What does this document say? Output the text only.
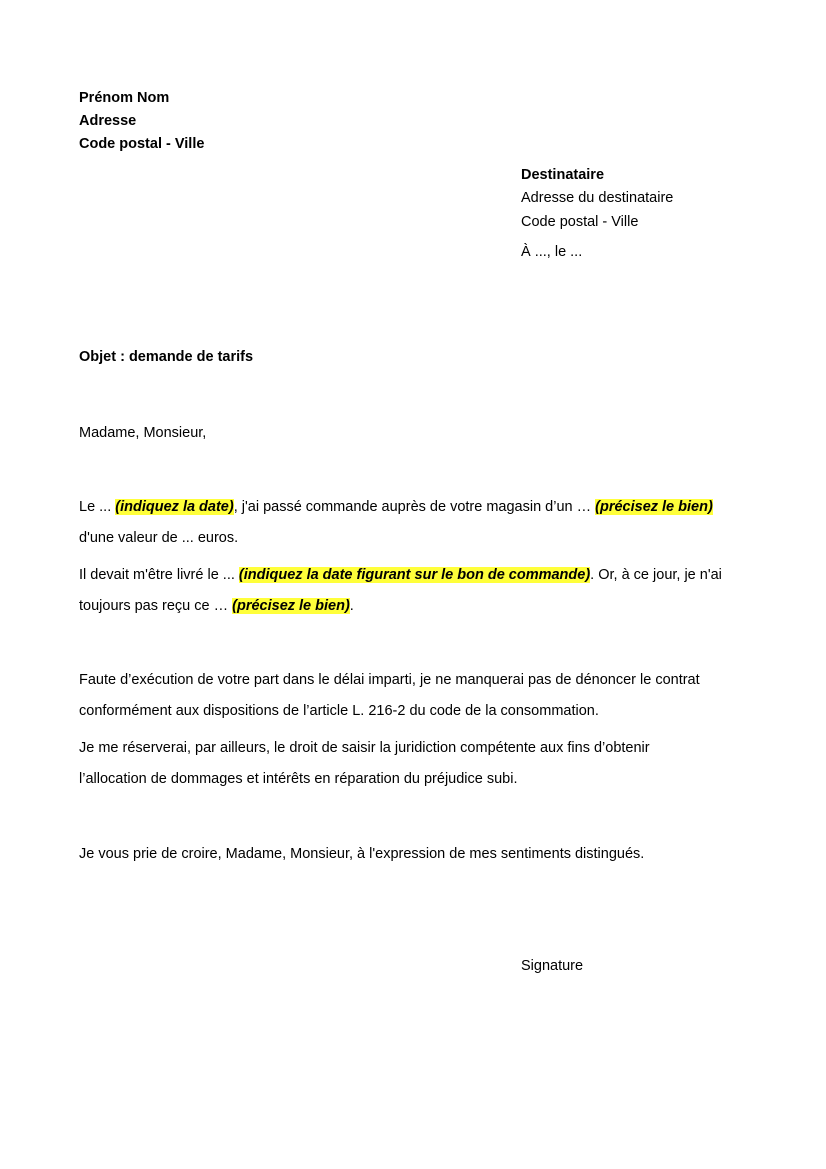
Prénom Nom
Adresse
Code postal - Ville
Destinataire
Adresse du destinataire
Code postal - Ville
À ..., le ...
Objet : demande de tarifs
Madame, Monsieur,
Le ... (indiquez la date), j'ai passé commande auprès de votre magasin d’un … (précisez le bien)
d'une valeur de ... euros.
Il devait m'être livré le ... (indiquez la date figurant sur le bon de commande). Or, à ce jour, je n'ai
toujours pas reçu ce … (précisez le bien).
Faute d’exécution de votre part dans le délai imparti, je ne manquerai pas de dénoncer le contrat
conformément aux dispositions de l’article L. 216-2 du code de la consommation.
Je me réserverai, par ailleurs, le droit de saisir la juridiction compétente aux fins d’obtenir
l’allocation de dommages et intérêts en réparation du préjudice subi.
Je vous prie de croire, Madame, Monsieur, à l'expression de mes sentiments distingués.
Signature
